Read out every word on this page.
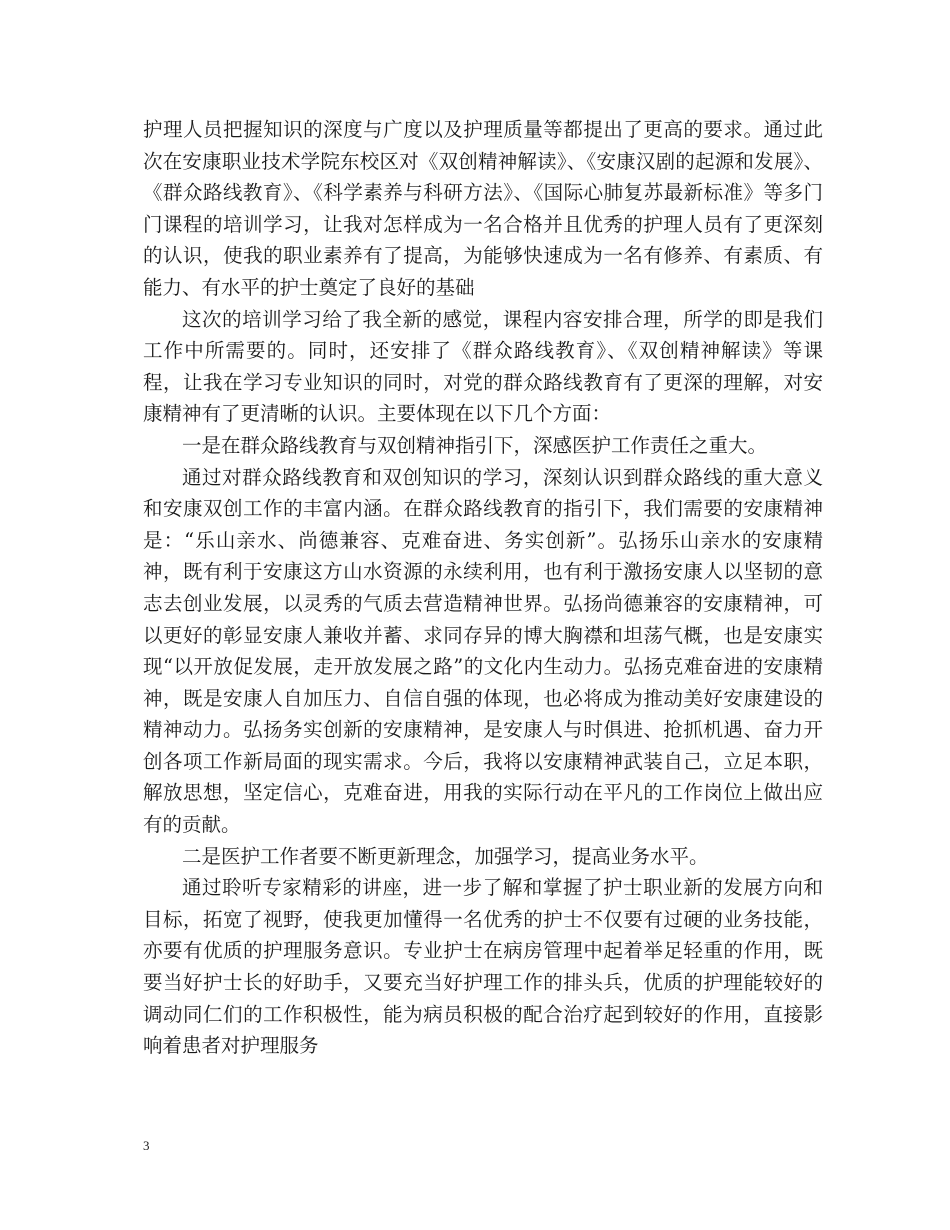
护理人员把握知识的深度与广度以及护理质量等都提出了更高的要求。通过此次在安康职业技术学院东校区对《双创精神解读》、《安康汉剧的起源和发展》、《群众路线教育》、《科学素养与科研方法》、《国际心肺复苏最新标准》等多门门课程的培训学习，让我对怎样成为一名合格并且优秀的护理人员有了更深刻的认识，使我的职业素养有了提高，为能够快速成为一名有修养、有素质、有能力、有水平的护士奠定了良好的基础

这次的培训学习给了我全新的感觉，课程内容安排合理，所学的即是我们工作中所需要的。同时，还安排了《群众路线教育》、《双创精神解读》等课程，让我在学习专业知识的同时，对党的群众路线教育有了更深的理解，对安康精神有了更清晰的认识。主要体现在以下几个方面：

一是在群众路线教育与双创精神指引下，深感医护工作责任之重大。

通过对群众路线教育和双创知识的学习，深刻认识到群众路线的重大意义和安康双创工作的丰富内涵。在群众路线教育的指引下，我们需要的安康精神是：“乐山亲水、尚德兼容、克难奋进、务实创新”。弘扬乐山亲水的安康精神，既有利于安康这方山水资源的永续利用，也有利于激扬安康人以坚韧的意志去创业发展，以灵秀的气质去营造精神世界。弘扬尚德兼容的安康精神，可以更好的彰显安康人兼收并蓄、求同存异的博大胸襟和坦荡气概，也是安康实现“以开放促发展，走开放发展之路”的文化内生动力。弘扬克难奋进的安康精神，既是安康人自加压力、自信自强的体现，也必将成为推动美好安康建设的精神动力。弘扬务实创新的安康精神，是安康人与时俱进、抢抓机遇、奋力开创各项工作新局面的现实需求。今后，我将以安康精神武装自己，立足本职，解放思想，坚定信心，克难奋进，用我的实际行动在平凡的工作岗位上做出应有的贡献。

二是医护工作者要不断更新理念，加强学习，提高业务水平。

通过聆听专家精彩的讲座，进一步了解和掌握了护士职业新的发展方向和目标，拓宽了视野，使我更加懂得一名优秀的护士不仅要有过硬的业务技能，亦要有优质的护理服务意识。专业护士在病房管理中起着举足轻重的作用，既要当好护士长的好助手，又要充当好护理工作的排头兵，优质的护理能较好的调动同仁们的工作积极性，能为病员积极的配合治疗起到较好的作用，直接影响着患者对护理服务

3
